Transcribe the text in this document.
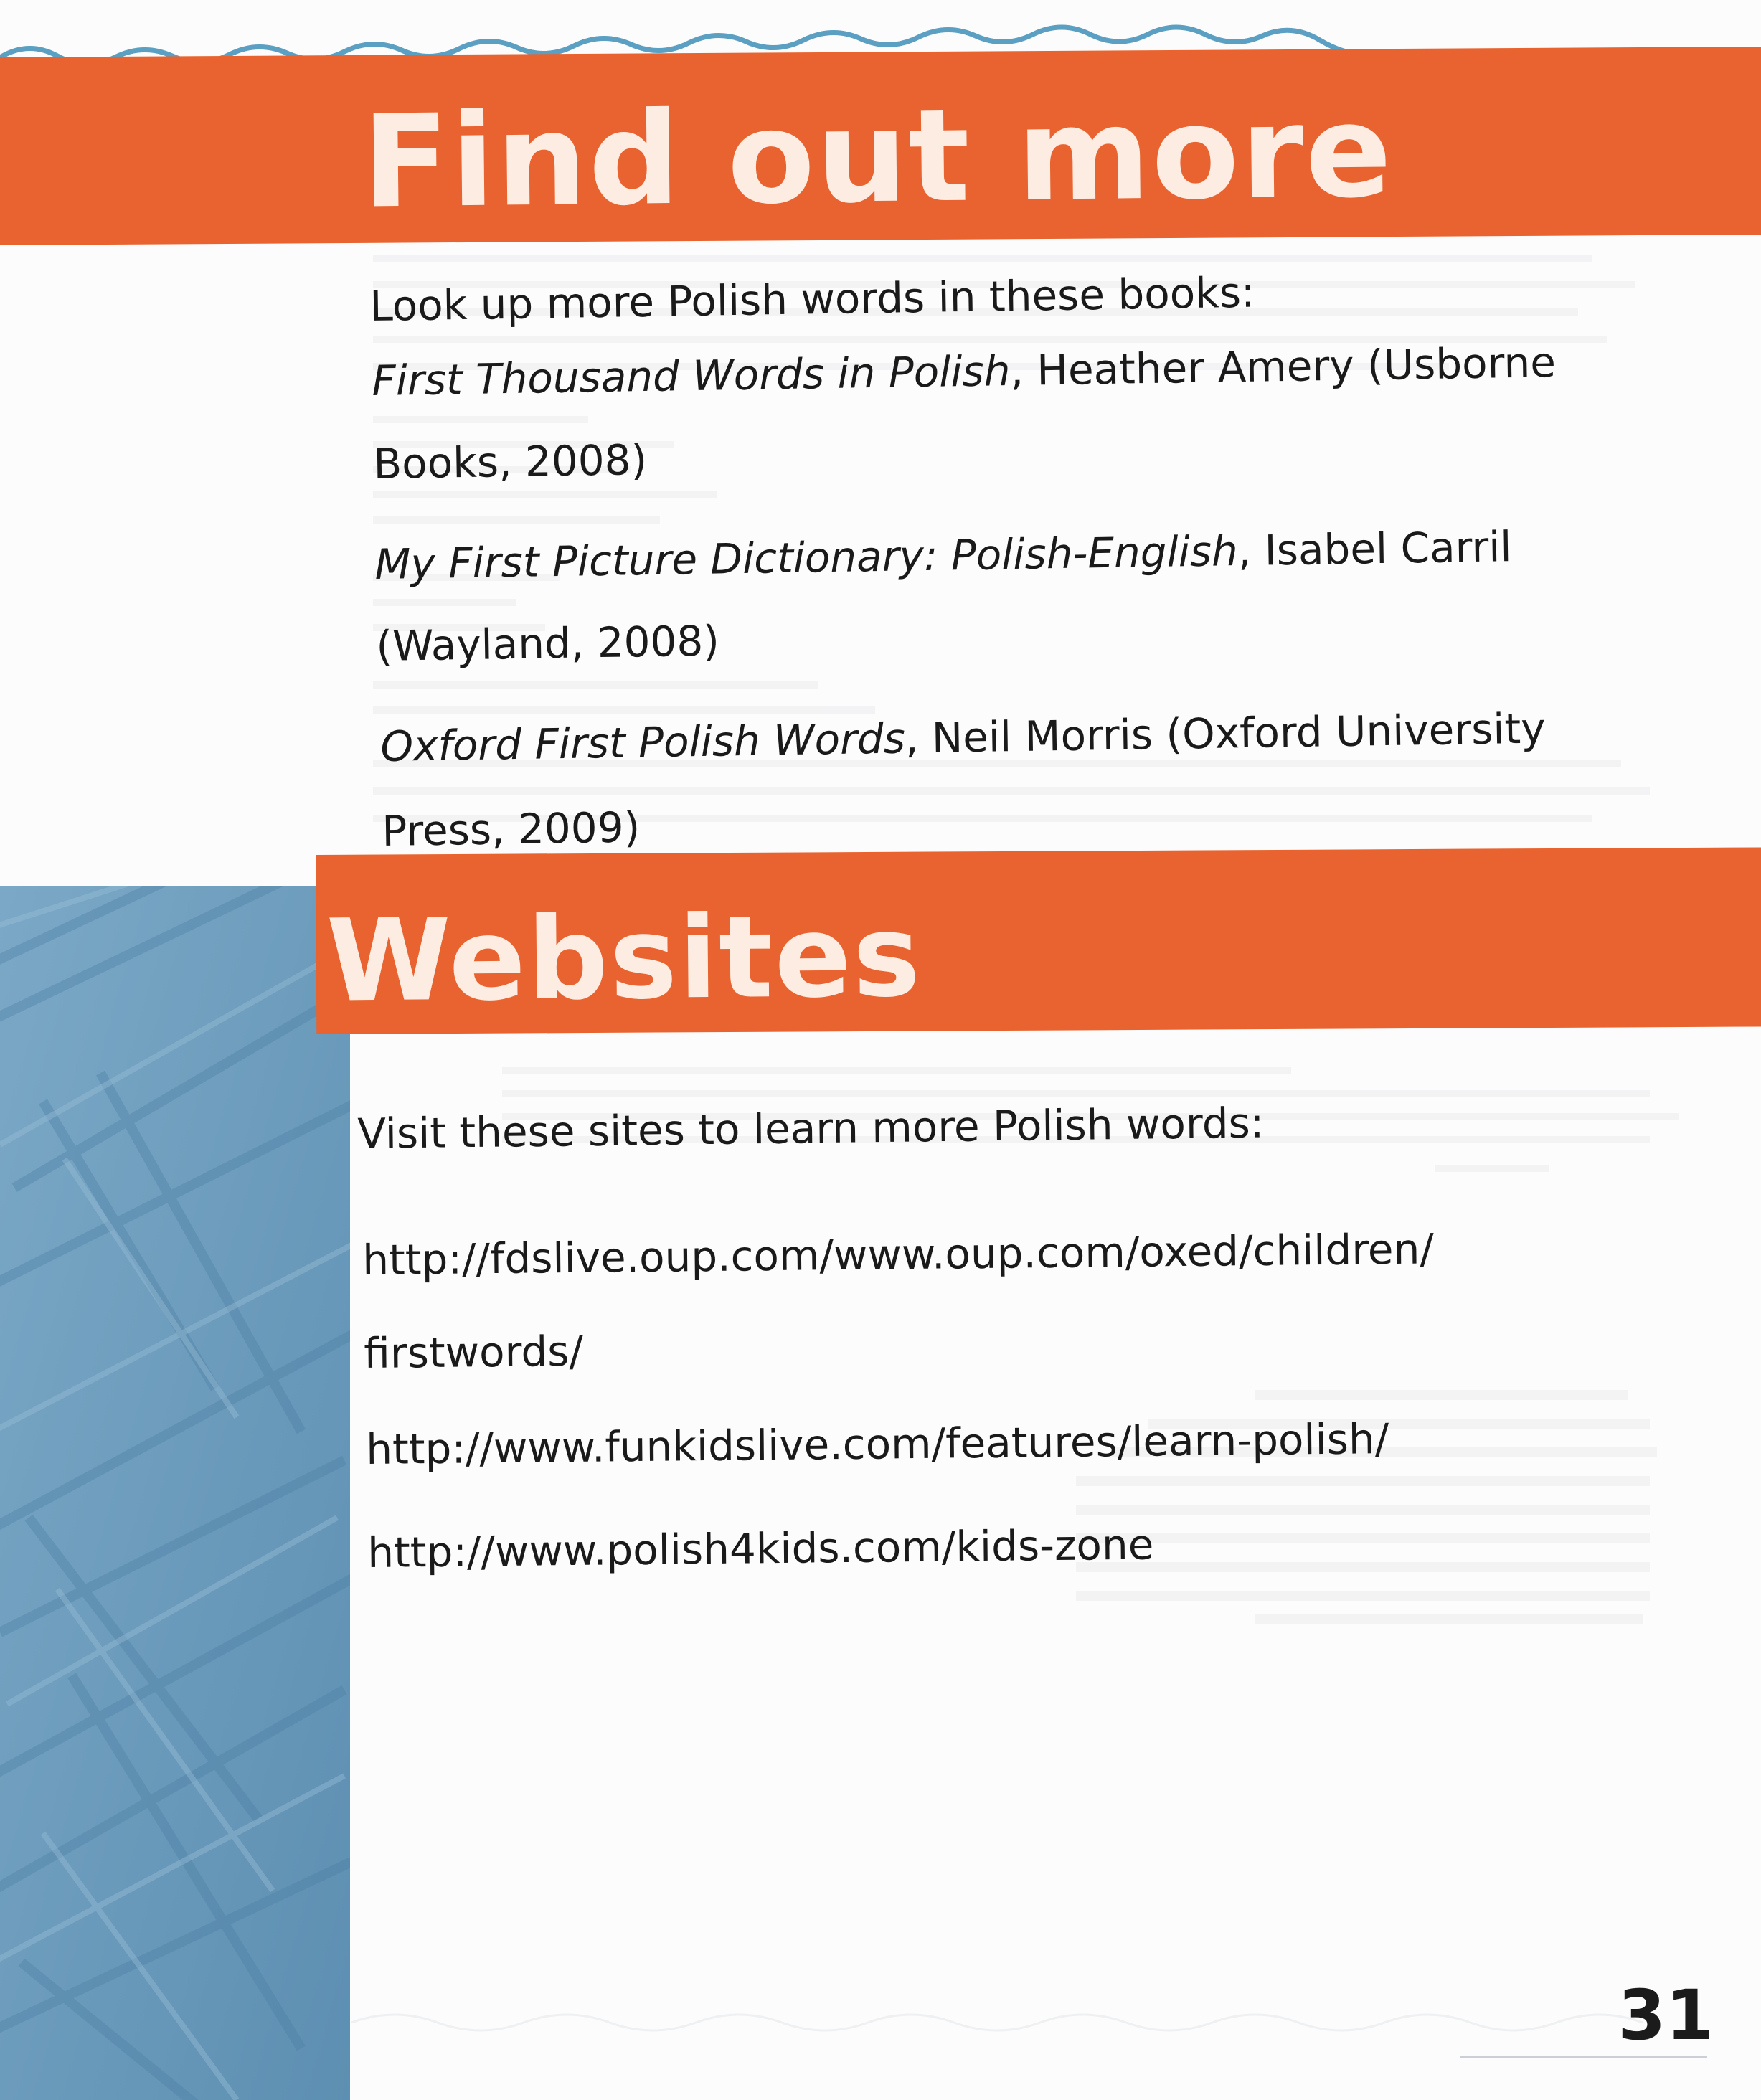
Find out more
Websites
Look up more Polish words in these books:
First Thousand Words in Polish, Heather Amery (Usborne
Books, 2008)
My First Picture Dictionary: Polish-English, Isabel Carril
(Wayland, 2008)
Oxford First Polish Words, Neil Morris (Oxford University
Press, 2009)
Visit these sites to learn more Polish words:
http://fdslive.oup.com/www.oup.com/oxed/children/
firstwords/
http://www.funkidslive.com/features/learn-polish/
http://www.polish4kids.com/kids-zone
31
